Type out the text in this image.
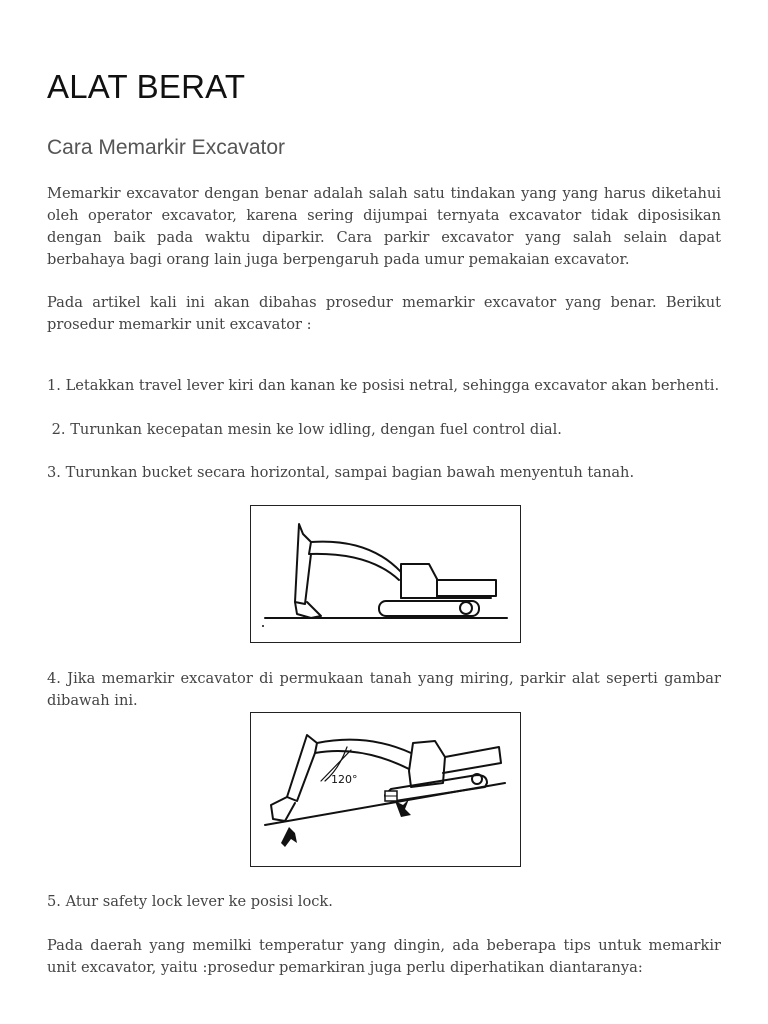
ALAT BERAT
Cara Memarkir Excavator

Memarkir excavator dengan benar adalah salah satu tindakan yang yang harus diketahui oleh operator excavator, karena sering dijumpai ternyata excavator tidak diposisikan dengan baik pada waktu diparkir. Cara parkir excavator yang salah selain dapat berbahaya bagi orang lain juga berpengaruh pada umur pemakaian excavator.

Pada artikel kali ini akan dibahas prosedur memarkir excavator yang benar. Berikut prosedur memarkir unit excavator :

1. Letakkan travel lever kiri dan kanan ke posisi netral, sehingga excavator akan berhenti.

2. Turunkan kecepatan mesin ke low idling, dengan fuel control dial.

3. Turunkan bucket secara horizontal, sampai bagian bawah menyentuh tanah.

4. Jika memarkir excavator di permukaan tanah yang miring, parkir alat seperti gambar dibawah ini.

120°

5. Atur safety lock lever ke posisi lock.

Pada daerah yang memilki temperatur yang dingin, ada beberapa tips untuk memarkir unit excavator, yaitu :prosedur pemarkiran juga perlu diperhatikan diantaranya:
